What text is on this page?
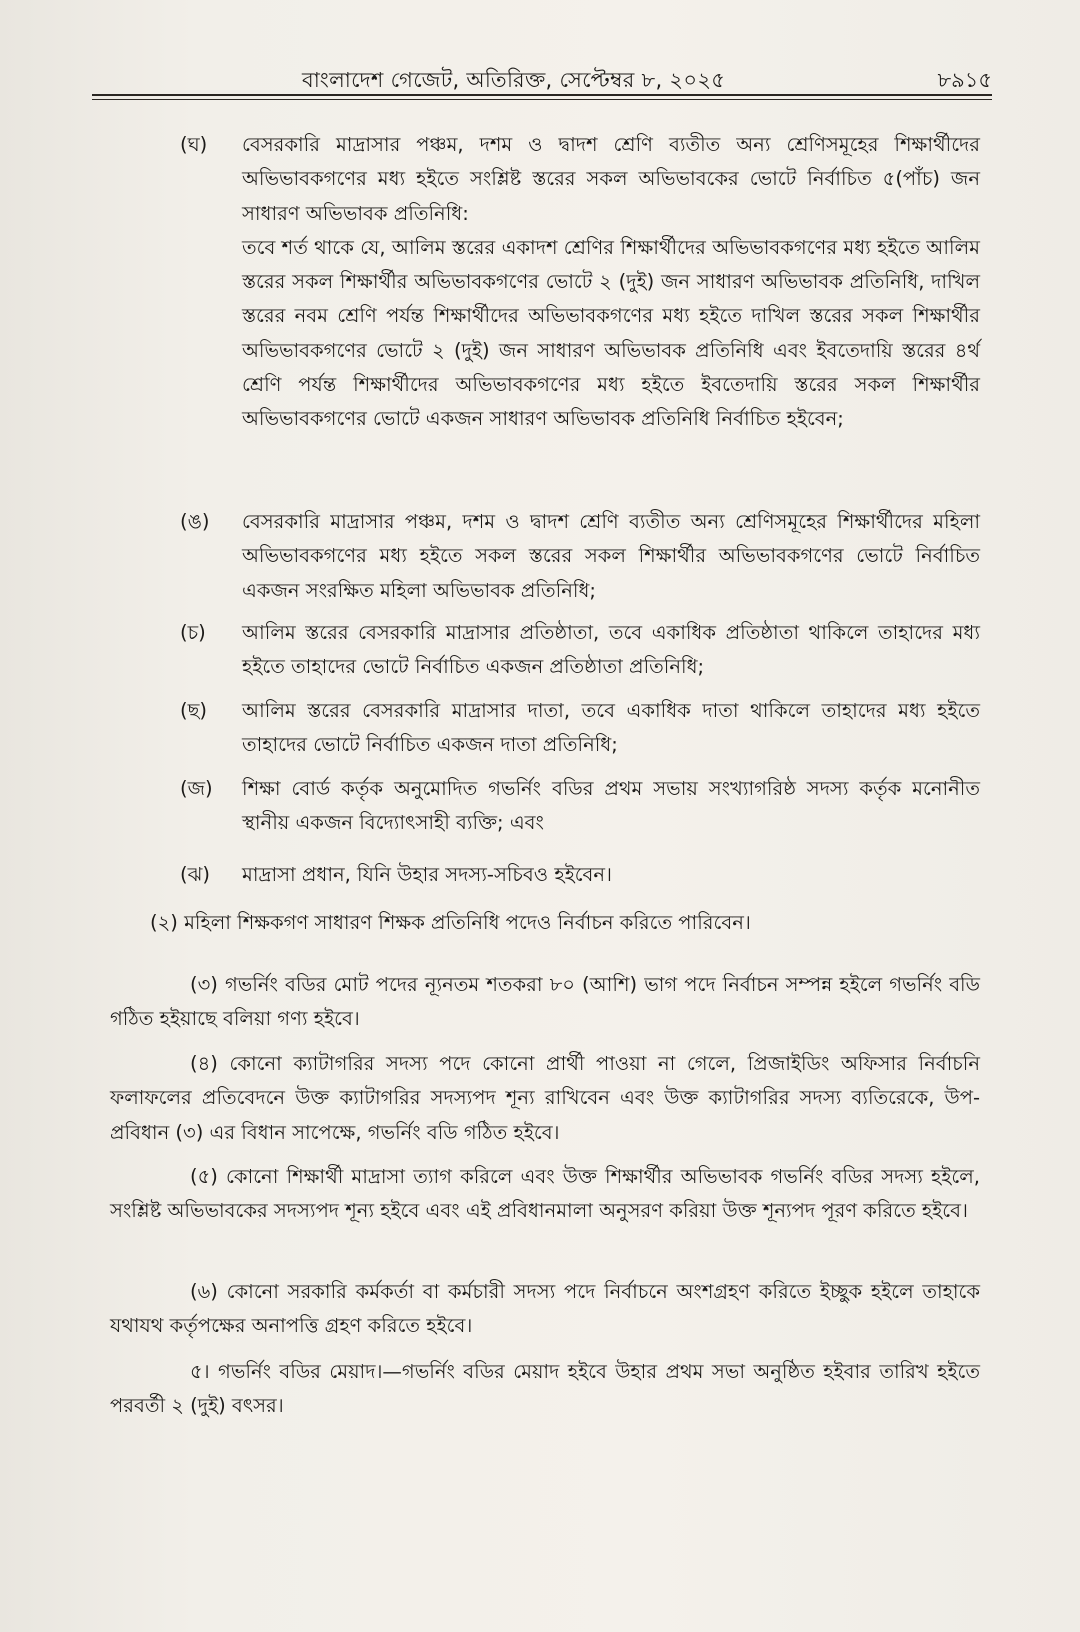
বাংলাদেশ গেজেট, অতিরিক্ত, সেপ্টেম্বর ৮, ২০২৫	৮৯১৫
(ঘ)	বেসরকারি মাদ্রাসার পঞ্চম, দশম ও দ্বাদশ শ্রেণি ব্যতীত অন্য শ্রেণিসমূহের শিক্ষার্থীদের অভিভাবকগণের মধ্য হইতে সংশ্লিষ্ট স্তরের সকল অভিভাবকের ভোটে নির্বাচিত ৫(পাঁচ) জন সাধারণ অভিভাবক প্রতিনিধি:

তবে শর্ত থাকে যে, আলিম স্তরের একাদশ শ্রেণির শিক্ষার্থীদের অভিভাবকগণের মধ্য হইতে আলিম স্তরের সকল শিক্ষার্থীর অভিভাবকগণের ভোটে ২ (দুই) জন সাধারণ অভিভাবক প্রতিনিধি, দাখিল স্তরের নবম শ্রেণি পর্যন্ত শিক্ষার্থীদের অভিভাবকগণের মধ্য হইতে দাখিল স্তরের সকল শিক্ষার্থীর অভিভাবকগণের ভোটে ২ (দুই) জন সাধারণ অভিভাবক প্রতিনিধি এবং ইবতেদায়ি স্তরের ৪র্থ শ্রেণি পর্যন্ত শিক্ষার্থীদের অভিভাবকগণের মধ্য হইতে ইবতেদায়ি স্তরের সকল শিক্ষার্থীর অভিভাবকগণের ভোটে একজন সাধারণ অভিভাবক প্রতিনিধি নির্বাচিত হইবেন;

(ঙ)	বেসরকারি মাদ্রাসার পঞ্চম, দশম ও দ্বাদশ শ্রেণি ব্যতীত অন্য শ্রেণিসমূহের শিক্ষার্থীদের মহিলা অভিভাবকগণের মধ্য হইতে সকল স্তরের সকল শিক্ষার্থীর অভিভাবকগণের ভোটে নির্বাচিত একজন সংরক্ষিত মহিলা অভিভাবক প্রতিনিধি;

(চ)	আলিম স্তরের বেসরকারি মাদ্রাসার প্রতিষ্ঠাতা, তবে একাধিক প্রতিষ্ঠাতা থাকিলে তাহাদের মধ্য হইতে তাহাদের ভোটে নির্বাচিত একজন প্রতিষ্ঠাতা প্রতিনিধি;

(ছ)	আলিম স্তরের বেসরকারি মাদ্রাসার দাতা, তবে একাধিক দাতা থাকিলে তাহাদের মধ্য হইতে তাহাদের ভোটে নির্বাচিত একজন দাতা প্রতিনিধি;

(জ)	শিক্ষা বোর্ড কর্তৃক অনুমোদিত গভর্নিং বডির প্রথম সভায় সংখ্যাগরিষ্ঠ সদস্য কর্তৃক মনোনীত স্থানীয় একজন বিদ্যোৎসাহী ব্যক্তি; এবং

(ঝ)	মাদ্রাসা প্রধান, যিনি উহার সদস্য-সচিবও হইবেন।

(২) মহিলা শিক্ষকগণ সাধারণ শিক্ষক প্রতিনিধি পদেও নির্বাচন করিতে পারিবেন।

(৩) গভর্নিং বডির মোট পদের ন্যূনতম শতকরা ৮০ (আশি) ভাগ পদে নির্বাচন সম্পন্ন হইলে গভর্নিং বডি গঠিত হইয়াছে বলিয়া গণ্য হইবে।

(৪) কোনো ক্যাটাগরির সদস্য পদে কোনো প্রার্থী পাওয়া না গেলে, প্রিজাইডিং অফিসার নির্বাচনি ফলাফলের প্রতিবেদনে উক্ত ক্যাটাগরির সদস্যপদ শূন্য রাখিবেন এবং উক্ত ক্যাটাগরির সদস্য ব্যতিরেকে, উপ-প্রবিধান (৩) এর বিধান সাপেক্ষে, গভর্নিং বডি গঠিত হইবে।

(৫) কোনো শিক্ষার্থী মাদ্রাসা ত্যাগ করিলে এবং উক্ত শিক্ষার্থীর অভিভাবক গভর্নিং বডির সদস্য হইলে, সংশ্লিষ্ট অভিভাবকের সদস্যপদ শূন্য হইবে এবং এই প্রবিধানমালা অনুসরণ করিয়া উক্ত শূন্যপদ পূরণ করিতে হইবে।

(৬) কোনো সরকারি কর্মকর্তা বা কর্মচারী সদস্য পদে নির্বাচনে অংশগ্রহণ করিতে ইচ্ছুক হইলে তাহাকে যথাযথ কর্তৃপক্ষের অনাপত্তি গ্রহণ করিতে হইবে।

৫। গভর্নিং বডির মেয়াদ।—গভর্নিং বডির মেয়াদ হইবে উহার প্রথম সভা অনুষ্ঠিত হইবার তারিখ হইতে পরবর্তী ২ (দুই) বৎসর।
